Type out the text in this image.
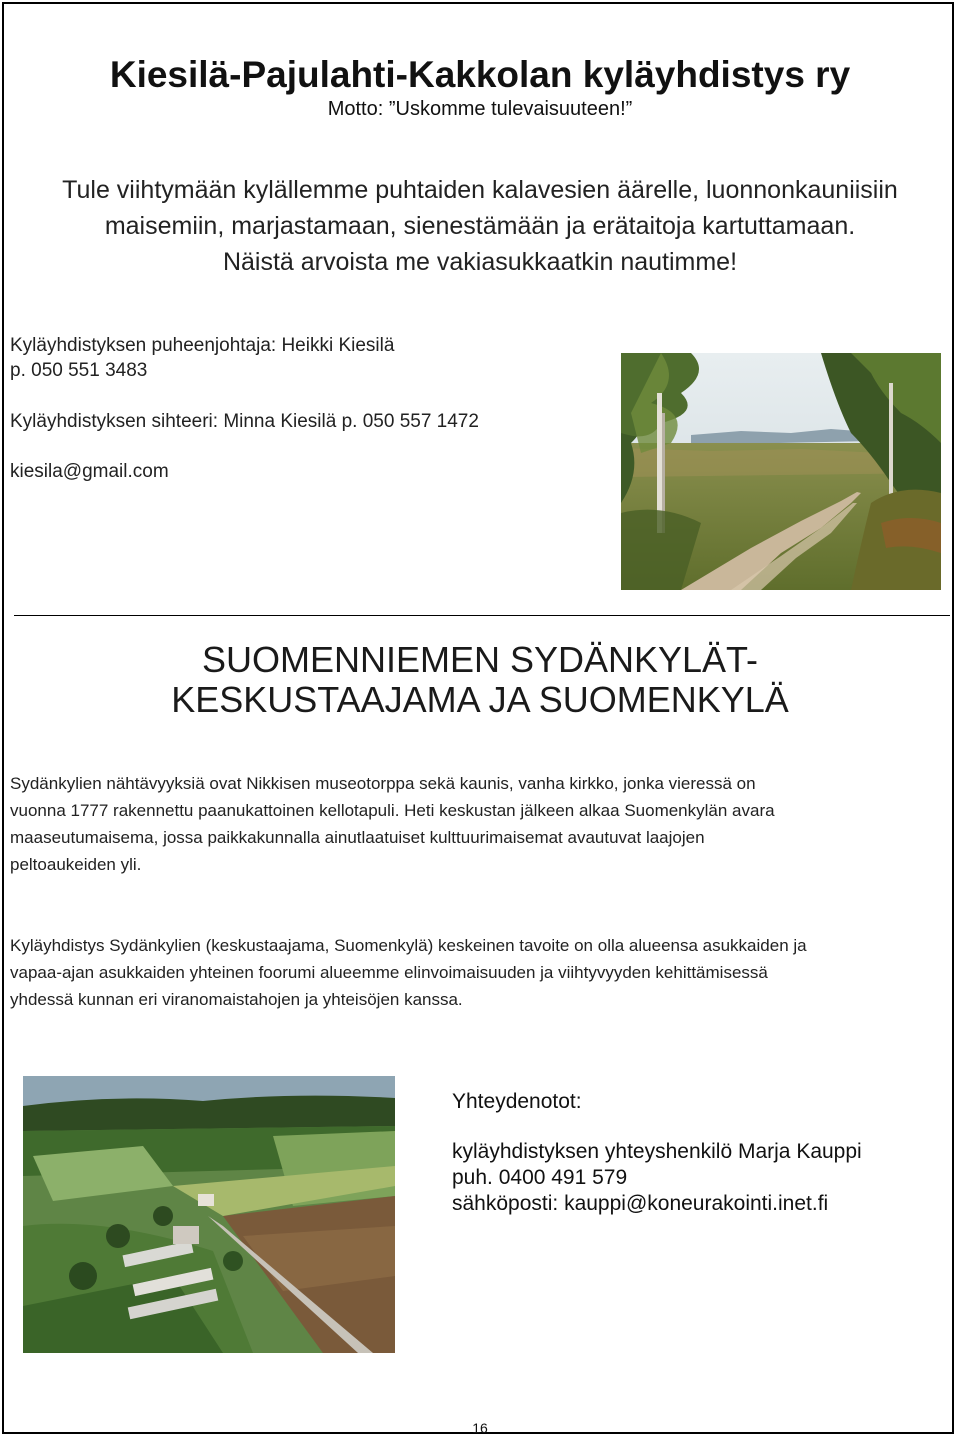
Kiesilä-Pajulahti-Kakkolan kyläyhdistys ry
Motto: ”Uskomme tulevaisuuteen!”
Tule viihtymään kylällemme puhtaiden kalavesien äärelle, luonnonkauniisiin
maisemiin, marjastamaan, sienestämään ja erätaitoja kartuttamaan.
Näistä arvoista me vakiasukkaatkin nautimme!
Kyläyhdistyksen puheenjohtaja: Heikki Kiesilä
p. 050 551 3483
Kyläyhdistyksen sihteeri: Minna Kiesilä p. 050 557 1472
kiesila@gmail.com
SUOMENNIEMEN SYDÄNKYLÄT-
KESKUSTAAJAMA JA SUOMENKYLÄ
Sydänkylien nähtävyyksiä ovat Nikkisen museotorppa sekä kaunis, vanha kirkko, jonka vieressä on
vuonna 1777 rakennettu paanukattoinen kellotapuli. Heti keskustan jälkeen alkaa Suomenkylän avara
maaseutumaisema, jossa paikkakunnalla ainutlaatuiset kulttuurimaisemat avautuvat laajojen
peltoaukeiden yli.
Kyläyhdistys Sydänkylien (keskustaajama, Suomenkylä) keskeinen tavoite on olla alueensa asukkaiden ja
vapaa-ajan asukkaiden yhteinen foorumi alueemme elinvoimaisuuden ja viihtyvyyden kehittämisessä
yhdessä kunnan eri viranomaistahojen ja yhteisöjen kanssa.
Yhteydenotot:
kyläyhdistyksen yhteyshenkilö Marja Kauppi
puh. 0400 491 579
sähköposti: kauppi@koneurakointi.inet.fi
16
